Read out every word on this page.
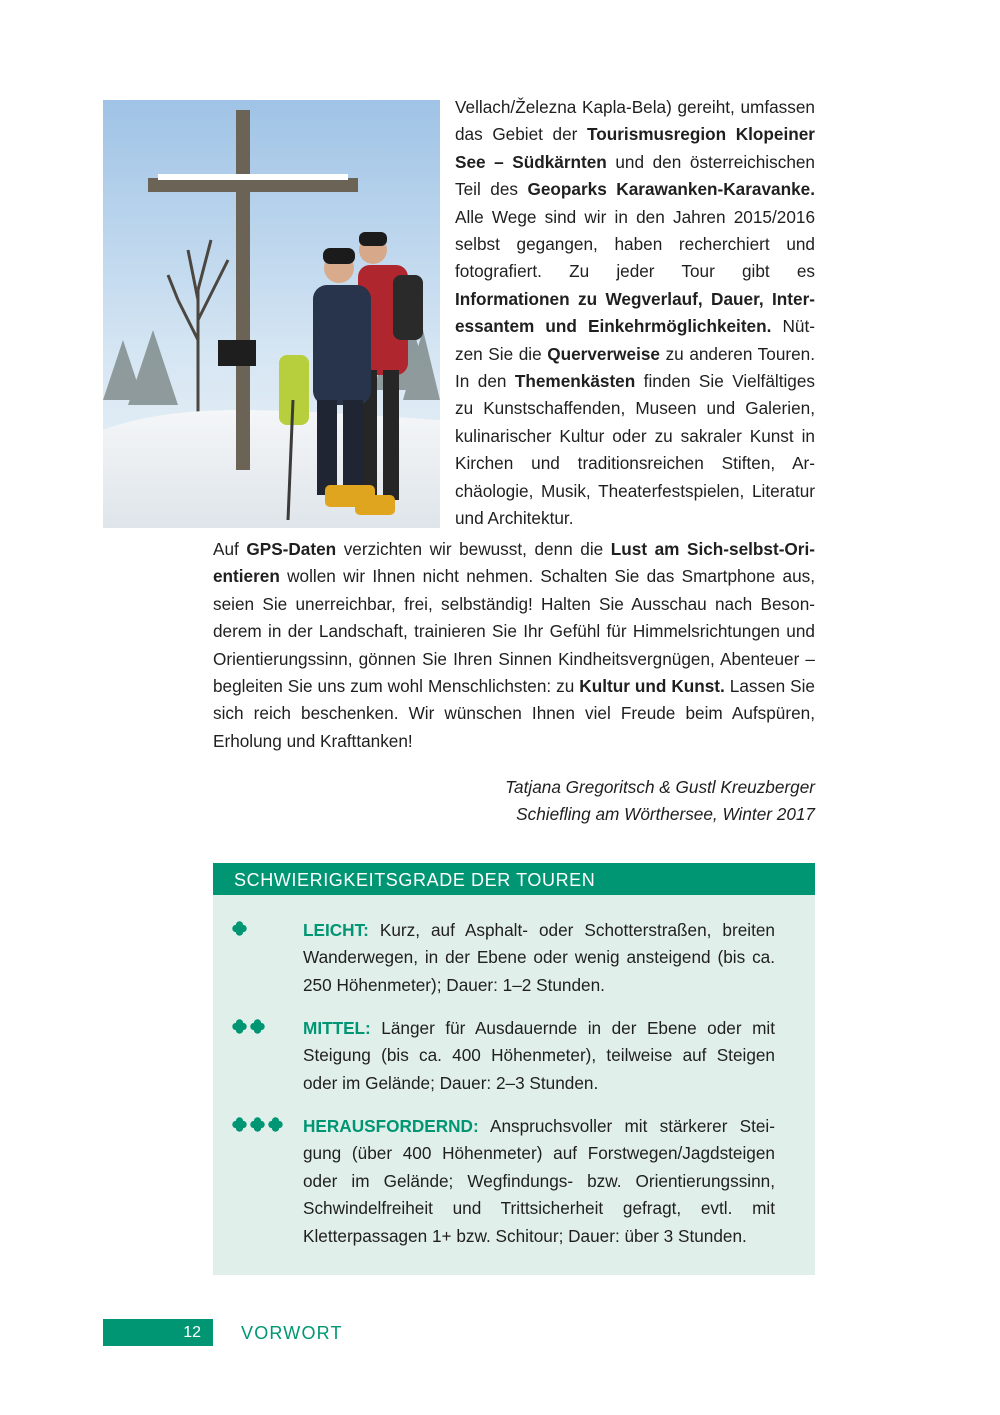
Vellach/Železna Kapla-Bela) gereiht, umfassen das Gebiet der Tourismusregion Klopeiner See – Südkärnten und den österreichischen Teil des Geoparks Karawanken-Karavanke. Alle Wege sind wir in den Jahren 2015/2016 selbst gegangen, haben recherchiert und fotografiert. Zu jeder Tour gibt es Informationen zu Wegverlauf, Dauer, Interessantem und Einkehrmöglichkeiten. Nützen Sie die Querverweise zu anderen Touren. In den Themenkästen finden Sie Vielfältiges zu Kunstschaffenden, Museen und Galerien, kulinarischer Kultur oder zu sakraler Kunst in Kirchen und traditionsreichen Stiften, Archäologie, Musik, Theaterfestspielen, Literatur und Architektur.
Auf GPS-Daten verzichten wir bewusst, denn die Lust am Sich-selbst-Orientieren wollen wir Ihnen nicht nehmen. Schalten Sie das Smartphone aus, seien Sie unerreichbar, frei, selbständig! Halten Sie Ausschau nach Besonderem in der Landschaft, trainieren Sie Ihr Gefühl für Himmelsrichtungen und Orientierungssinn, gönnen Sie Ihren Sinnen Kindheitsvergnügen, Abenteuer – begleiten Sie uns zum wohl Menschlichsten: zu Kultur und Kunst. Lassen Sie sich reich beschenken. Wir wünschen Ihnen viel Freude beim Aufspüren, Erholung und Krafttanken!
Tatjana Gregoritsch & Gustl Kreuzberger
Schiefling am Wörthersee, Winter 2017
SCHWIERIGKEITSGRADE DER TOUREN
LEICHT: Kurz, auf Asphalt- oder Schotterstraßen, breiten Wanderwegen, in der Ebene oder wenig ansteigend (bis ca. 250 Höhenmeter); Dauer: 1–2 Stunden.
MITTEL: Länger für Ausdauernde in der Ebene oder mit Steigung (bis ca. 400 Höhenmeter), teilweise auf Steigen oder im Gelände; Dauer: 2–3 Stunden.
HERAUSFORDERND: Anspruchsvoller mit stärkerer Steigung (über 400 Höhenmeter) auf Forstwegen/Jagdsteigen oder im Gelände; Wegfindungs- bzw. Orientierungssinn, Schwindelfreiheit und Trittsicherheit gefragt, evtl. mit Kletterpassagen 1+ bzw. Schitour; Dauer: über 3 Stunden.
12	VORWORT
